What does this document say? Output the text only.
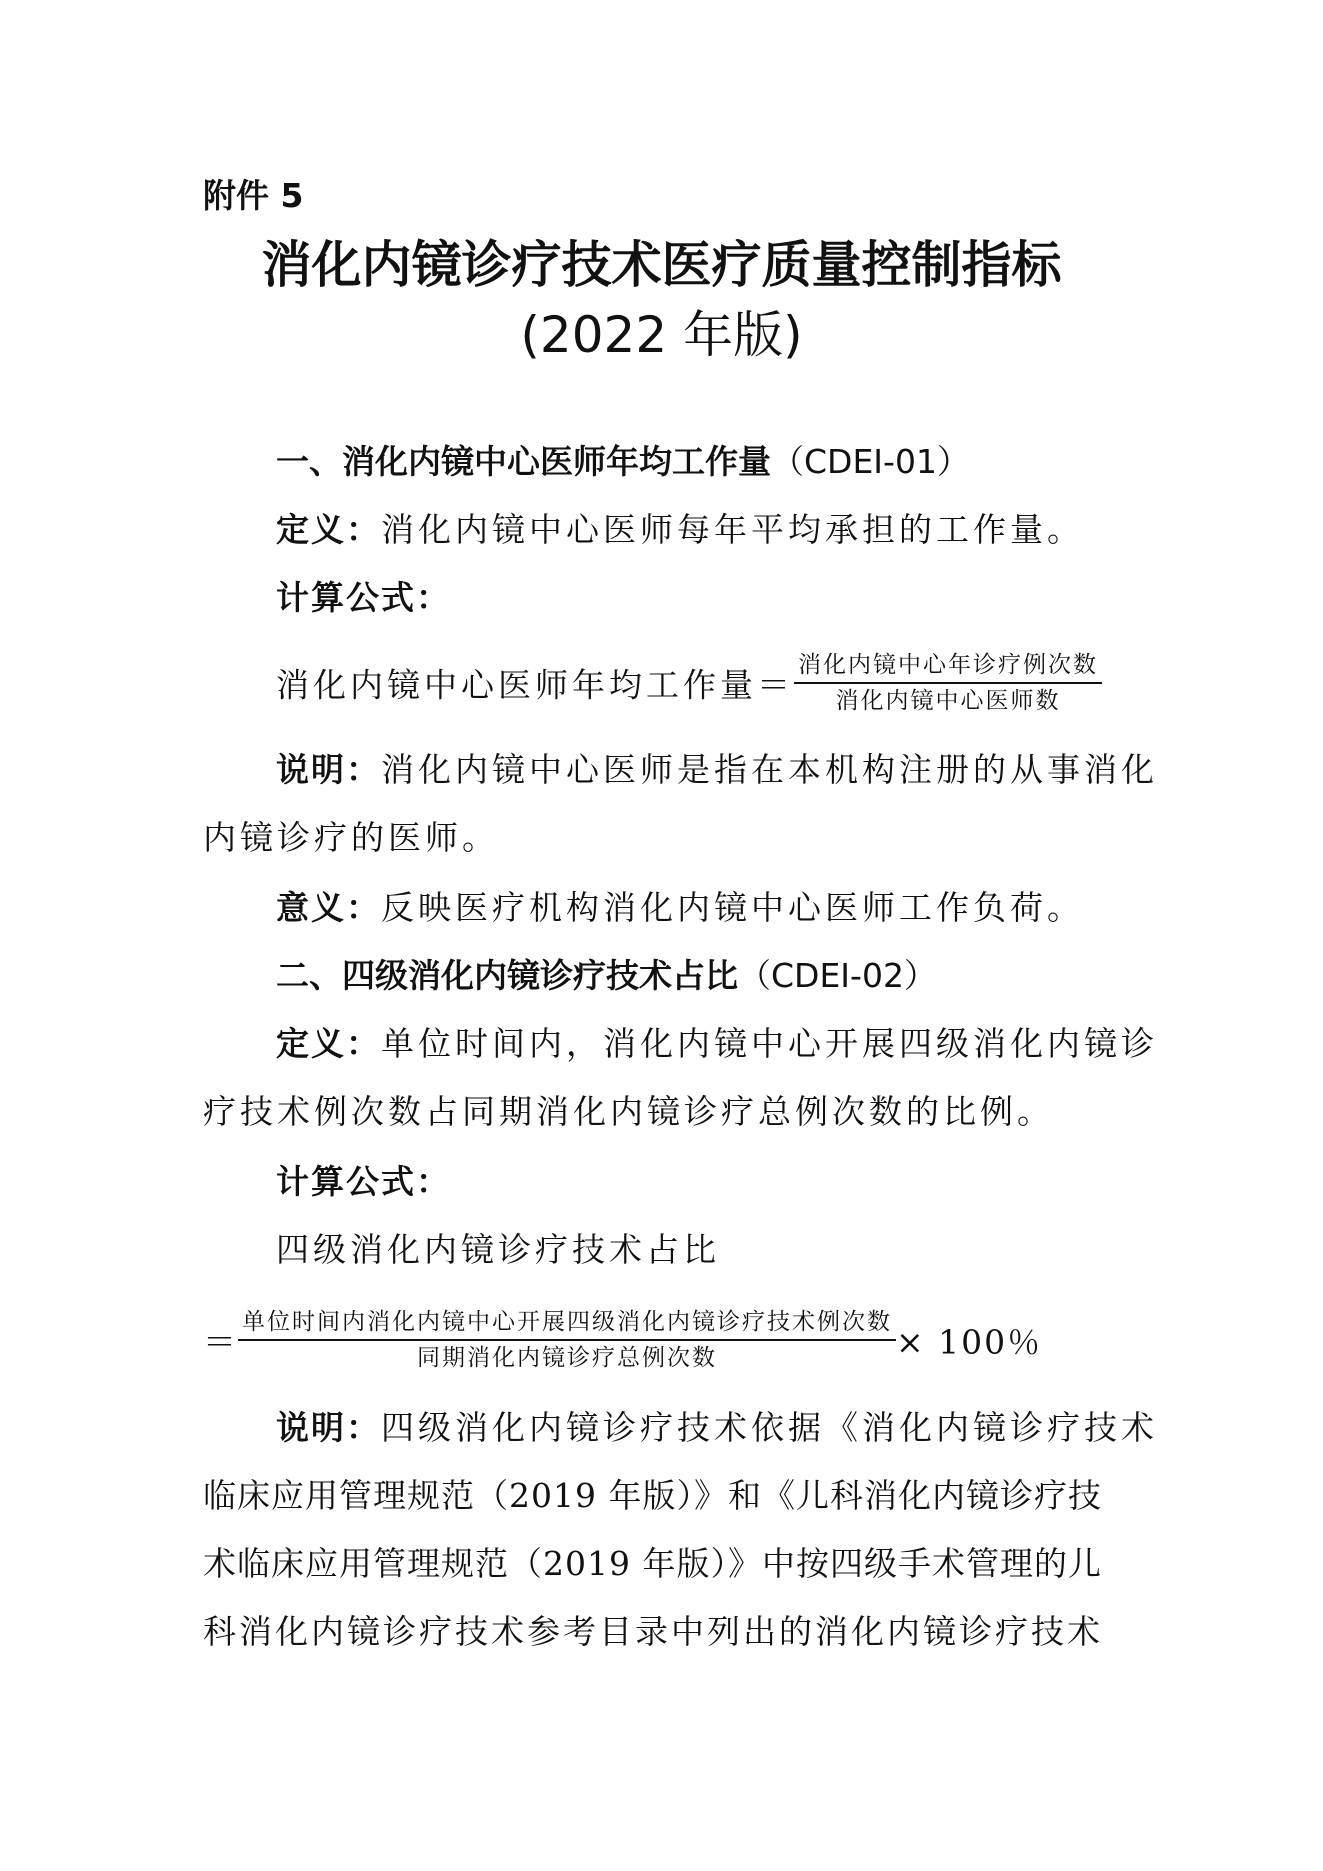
附件 5
消化内镜诊疗技术医疗质量控制指标
(2022 年版)
一、消化内镜中心医师年均工作量（CDEI-01）
定义：消化内镜中心医师每年平均承担的工作量。
计算公式：
消化内镜中心医师年均工作量＝ $\frac{\text{消化内镜中心年诊疗例次数}}{\text{消化内镜中心医师数}}$
说明：消化内镜中心医师是指在本机构注册的从事消化
内镜诊疗的医师。
意义：反映医疗机构消化内镜中心医师工作负荷。
二、四级消化内镜诊疗技术占比（CDEI-02）
定义：单位时间内，消化内镜中心开展四级消化内镜诊
疗技术例次数占同期消化内镜诊疗总例次数的比例。
计算公式：
四级消化内镜诊疗技术占比
＝ $\frac{\text{单位时间内消化内镜中心开展四级消化内镜诊疗技术例次数}}{\text{同期消化内镜诊疗总例次数}} \times 100$％
说明：四级消化内镜诊疗技术依据《消化内镜诊疗技术
临床应用管理规范（2019 年版）》和《儿科消化内镜诊疗技
术临床应用管理规范（2019 年版）》中按四级手术管理的儿
科消化内镜诊疗技术参考目录中列出的消化内镜诊疗技术
